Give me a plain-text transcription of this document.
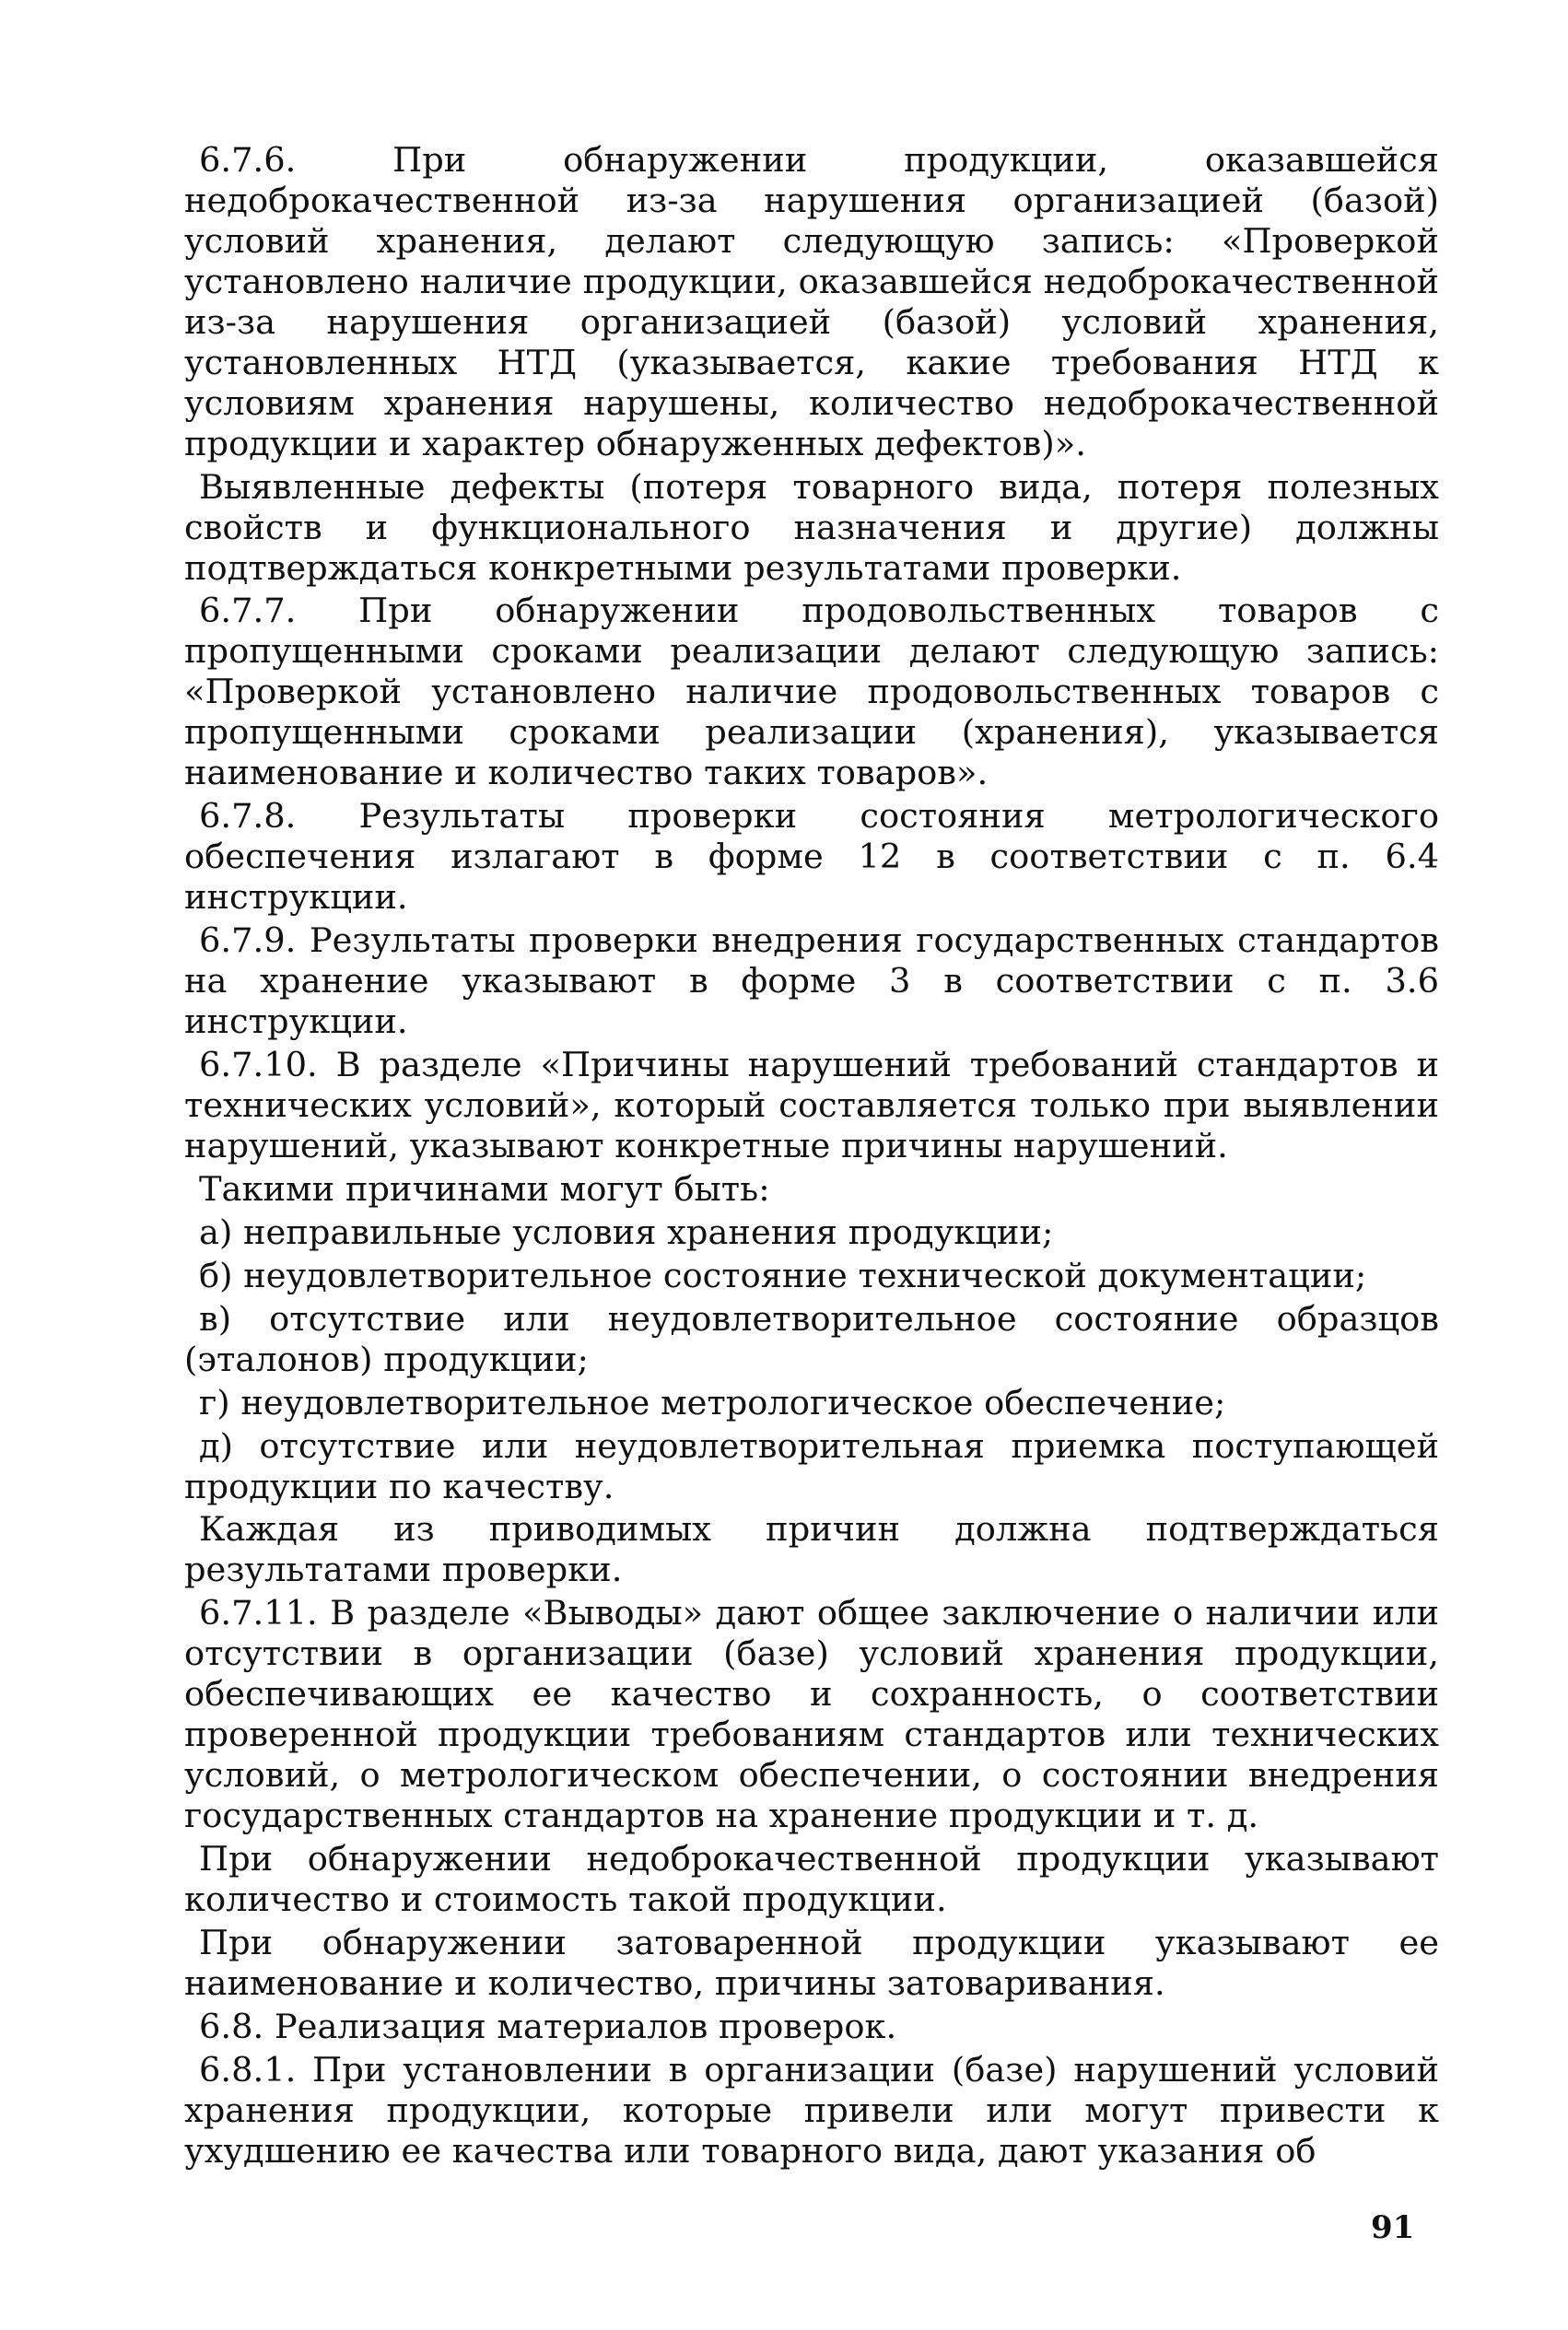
6.7.6. При обнаружении продукции, оказавшейся недоброкачественной из-за нарушения организацией (базой) условий хранения, делают следующую запись: «Проверкой установлено наличие продукции, оказавшейся недоброкачественной из-за нарушения организацией (базой) условий хранения, установленных НТД (указывается, какие требования НТД к условиям хранения нарушены, количество недоброкачественной продукции и характер обнаруженных дефектов)».

Выявленные дефекты (потеря товарного вида, потеря полезных свойств и функционального назначения и другие) должны подтверждаться конкретными результатами проверки.

6.7.7. При обнаружении продовольственных товаров с пропущенными сроками реализации делают следующую запись: «Проверкой установлено наличие продовольственных товаров с пропущенными сроками реализации (хранения), указывается наименование и количество таких товаров».

6.7.8. Результаты проверки состояния метрологического обеспечения излагают в форме 12 в соответствии с п. 6.4 инструкции.

6.7.9. Результаты проверки внедрения государственных стандартов на хранение указывают в форме 3 в соответствии с п. 3.6 инструкции.

6.7.10. В разделе «Причины нарушений требований стандартов и технических условий», который составляется только при выявлении нарушений, указывают конкретные причины нарушений.

Такими причинами могут быть:

а) неправильные условия хранения продукции;

б) неудовлетворительное состояние технической документации;

в) отсутствие или неудовлетворительное состояние образцов (эталонов) продукции;

г) неудовлетворительное метрологическое обеспечение;

д) отсутствие или неудовлетворительная приемка поступающей продукции по качеству.

Каждая из приводимых причин должна подтверждаться результатами проверки.

6.7.11. В разделе «Выводы» дают общее заключение о наличии или отсутствии в организации (базе) условий хранения продукции, обеспечивающих ее качество и сохранность, о соответствии проверенной продукции требованиям стандартов или технических условий, о метрологическом обеспечении, о состоянии внедрения государственных стандартов на хранение продукции и т. д.

При обнаружении недоброкачественной продукции указывают количество и стоимость такой продукции.

При обнаружении затоваренной продукции указывают ее наименование и количество, причины затоваривания.

6.8. Реализация материалов проверок.

6.8.1. При установлении в организации (базе) нарушений условий хранения продукции, которые привели или могут привести к ухудшению ее качества или товарного вида, дают указания об

91
